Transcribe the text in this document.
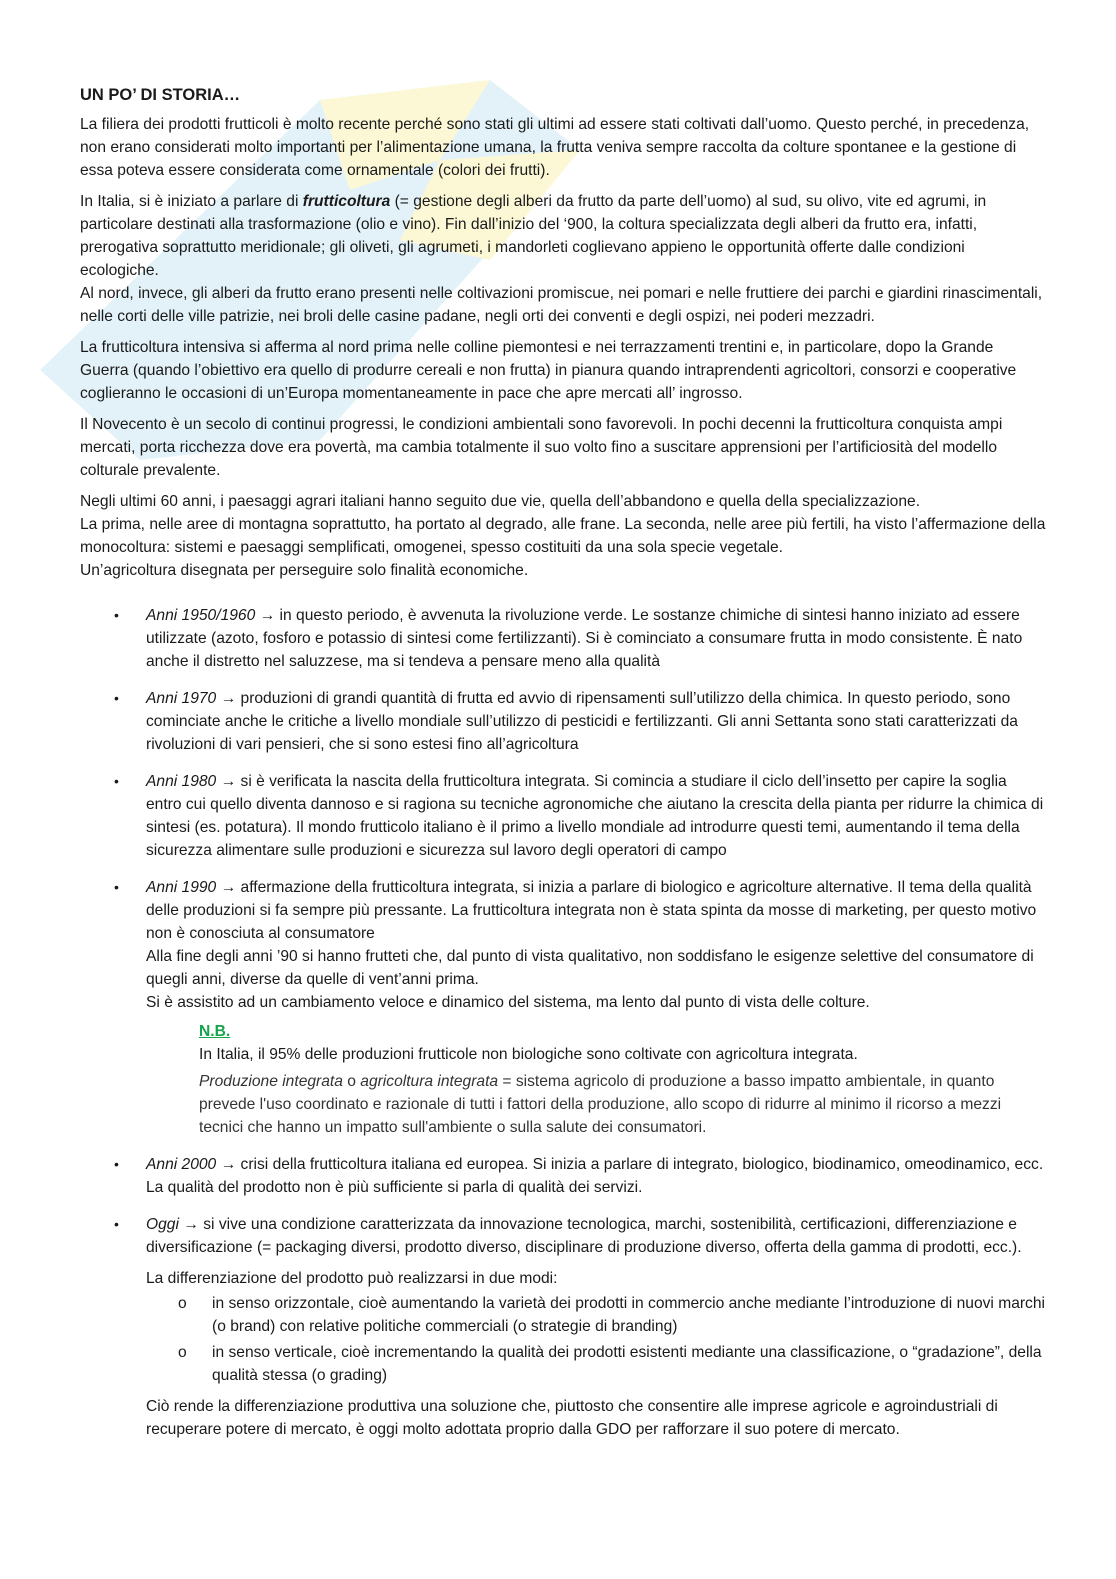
UN PO’ DI STORIA…

La filiera dei prodotti frutticoli è molto recente perché sono stati gli ultimi ad essere stati coltivati dall’uomo. Questo perché, in precedenza, non erano considerati molto importanti per l’alimentazione umana, la frutta veniva sempre raccolta da colture spontanee e la gestione di essa poteva essere considerata come ornamentale (colori dei frutti).

In Italia, si è iniziato a parlare di frutticoltura (= gestione degli alberi da frutto da parte dell’uomo) al sud, su olivo, vite ed agrumi, in particolare destinati alla trasformazione (olio e vino). Fin dall’inizio del ‘900, la coltura specializzata degli alberi da frutto era, infatti, prerogativa soprattutto meridionale; gli oliveti, gli agrumeti, i mandorleti coglievano appieno le opportunità offerte dalle condizioni ecologiche.

Al nord, invece, gli alberi da frutto erano presenti nelle coltivazioni promiscue, nei pomari e nelle fruttiere dei parchi e giardini rinascimentali, nelle corti delle ville patrizie, nei broli delle casine padane, negli orti dei conventi e degli ospizi, nei poderi mezzadri.

La frutticoltura intensiva si afferma al nord prima nelle colline piemontesi e nei terrazzamenti trentini e, in particolare, dopo la Grande Guerra (quando l’obiettivo era quello di produrre cereali e non frutta) in pianura quando intraprendenti agricoltori, consorzi e cooperative coglieranno le occasioni di un’Europa momentaneamente in pace che apre mercati all’ ingrosso.

Il Novecento è un secolo di continui progressi, le condizioni ambientali sono favorevoli. In pochi decenni la frutticoltura conquista ampi mercati, porta ricchezza dove era povertà, ma cambia totalmente il suo volto fino a suscitare apprensioni per l’artificiosità del modello colturale prevalente.

Negli ultimi 60 anni, i paesaggi agrari italiani hanno seguito due vie, quella dell’abbandono e quella della specializzazione.

La prima, nelle aree di montagna soprattutto, ha portato al degrado, alle frane. La seconda, nelle aree più fertili, ha visto l’affermazione della monocoltura: sistemi e paesaggi semplificati, omogenei, spesso costituiti da una sola specie vegetale.

Un’agricoltura disegnata per perseguire solo finalità economiche.

• Anni 1950/1960 → in questo periodo, è avvenuta la rivoluzione verde. Le sostanze chimiche di sintesi hanno iniziato ad essere utilizzate (azoto, fosforo e potassio di sintesi come fertilizzanti). Si è cominciato a consumare frutta in modo consistente. È nato anche il distretto nel saluzzese, ma si tendeva a pensare meno alla qualità
• Anni 1970 → produzioni di grandi quantità di frutta ed avvio di ripensamenti sull’utilizzo della chimica. In questo periodo, sono cominciate anche le critiche a livello mondiale sull’utilizzo di pesticidi e fertilizzanti. Gli anni Settanta sono stati caratterizzati da rivoluzioni di vari pensieri, che si sono estesi fino all’agricoltura
• Anni 1980 → si è verificata la nascita della frutticoltura integrata. Si comincia a studiare il ciclo dell’insetto per capire la soglia entro cui quello diventa dannoso e si ragiona su tecniche agronomiche che aiutano la crescita della pianta per ridurre la chimica di sintesi (es. potatura). Il mondo frutticolo italiano è il primo a livello mondiale ad introdurre questi temi, aumentando il tema della sicurezza alimentare sulle produzioni e sicurezza sul lavoro degli operatori di campo
• Anni 1990 → affermazione della frutticoltura integrata, si inizia a parlare di biologico e agricolture alternative. Il tema della qualità delle produzioni si fa sempre più pressante. La frutticoltura integrata non è stata spinta da mosse di marketing, per questo motivo non è conosciuta al consumatore
Alla fine degli anni ’90 si hanno frutteti che, dal punto di vista qualitativo, non soddisfano le esigenze selettive del consumatore di quegli anni, diverse da quelle di vent’anni prima.
Si è assistito ad un cambiamento veloce e dinamico del sistema, ma lento dal punto di vista delle colture.
N.B.
In Italia, il 95% delle produzioni frutticole non biologiche sono coltivate con agricoltura integrata.
Produzione integrata o agricoltura integrata = sistema agricolo di produzione a basso impatto ambientale, in quanto prevede l'uso coordinato e razionale di tutti i fattori della produzione, allo scopo di ridurre al minimo il ricorso a mezzi tecnici che hanno un impatto sull'ambiente o sulla salute dei consumatori.
• Anni 2000 → crisi della frutticoltura italiana ed europea. Si inizia a parlare di integrato, biologico, biodinamico, omeodinamico, ecc. La qualità del prodotto non è più sufficiente si parla di qualità dei servizi.
• Oggi → si vive una condizione caratterizzata da innovazione tecnologica, marchi, sostenibilità, certificazioni, differenziazione e diversificazione (= packaging diversi, prodotto diverso, disciplinare di produzione diverso, offerta della gamma di prodotti, ecc.).
La differenziazione del prodotto può realizzarsi in due modi:
o	in senso orizzontale, cioè aumentando la varietà dei prodotti in commercio anche mediante l’introduzione di nuovi marchi (o brand) con relative politiche commerciali (o strategie di branding)
o	in senso verticale, cioè incrementando la qualità dei prodotti esistenti mediante una classificazione, o “gradazione”, della qualità stessa (o grading)
Ciò rende la differenziazione produttiva una soluzione che, piuttosto che consentire alle imprese agricole e agroindustriali di recuperare potere di mercato, è oggi molto adottata proprio dalla GDO per rafforzare il suo potere di mercato.
